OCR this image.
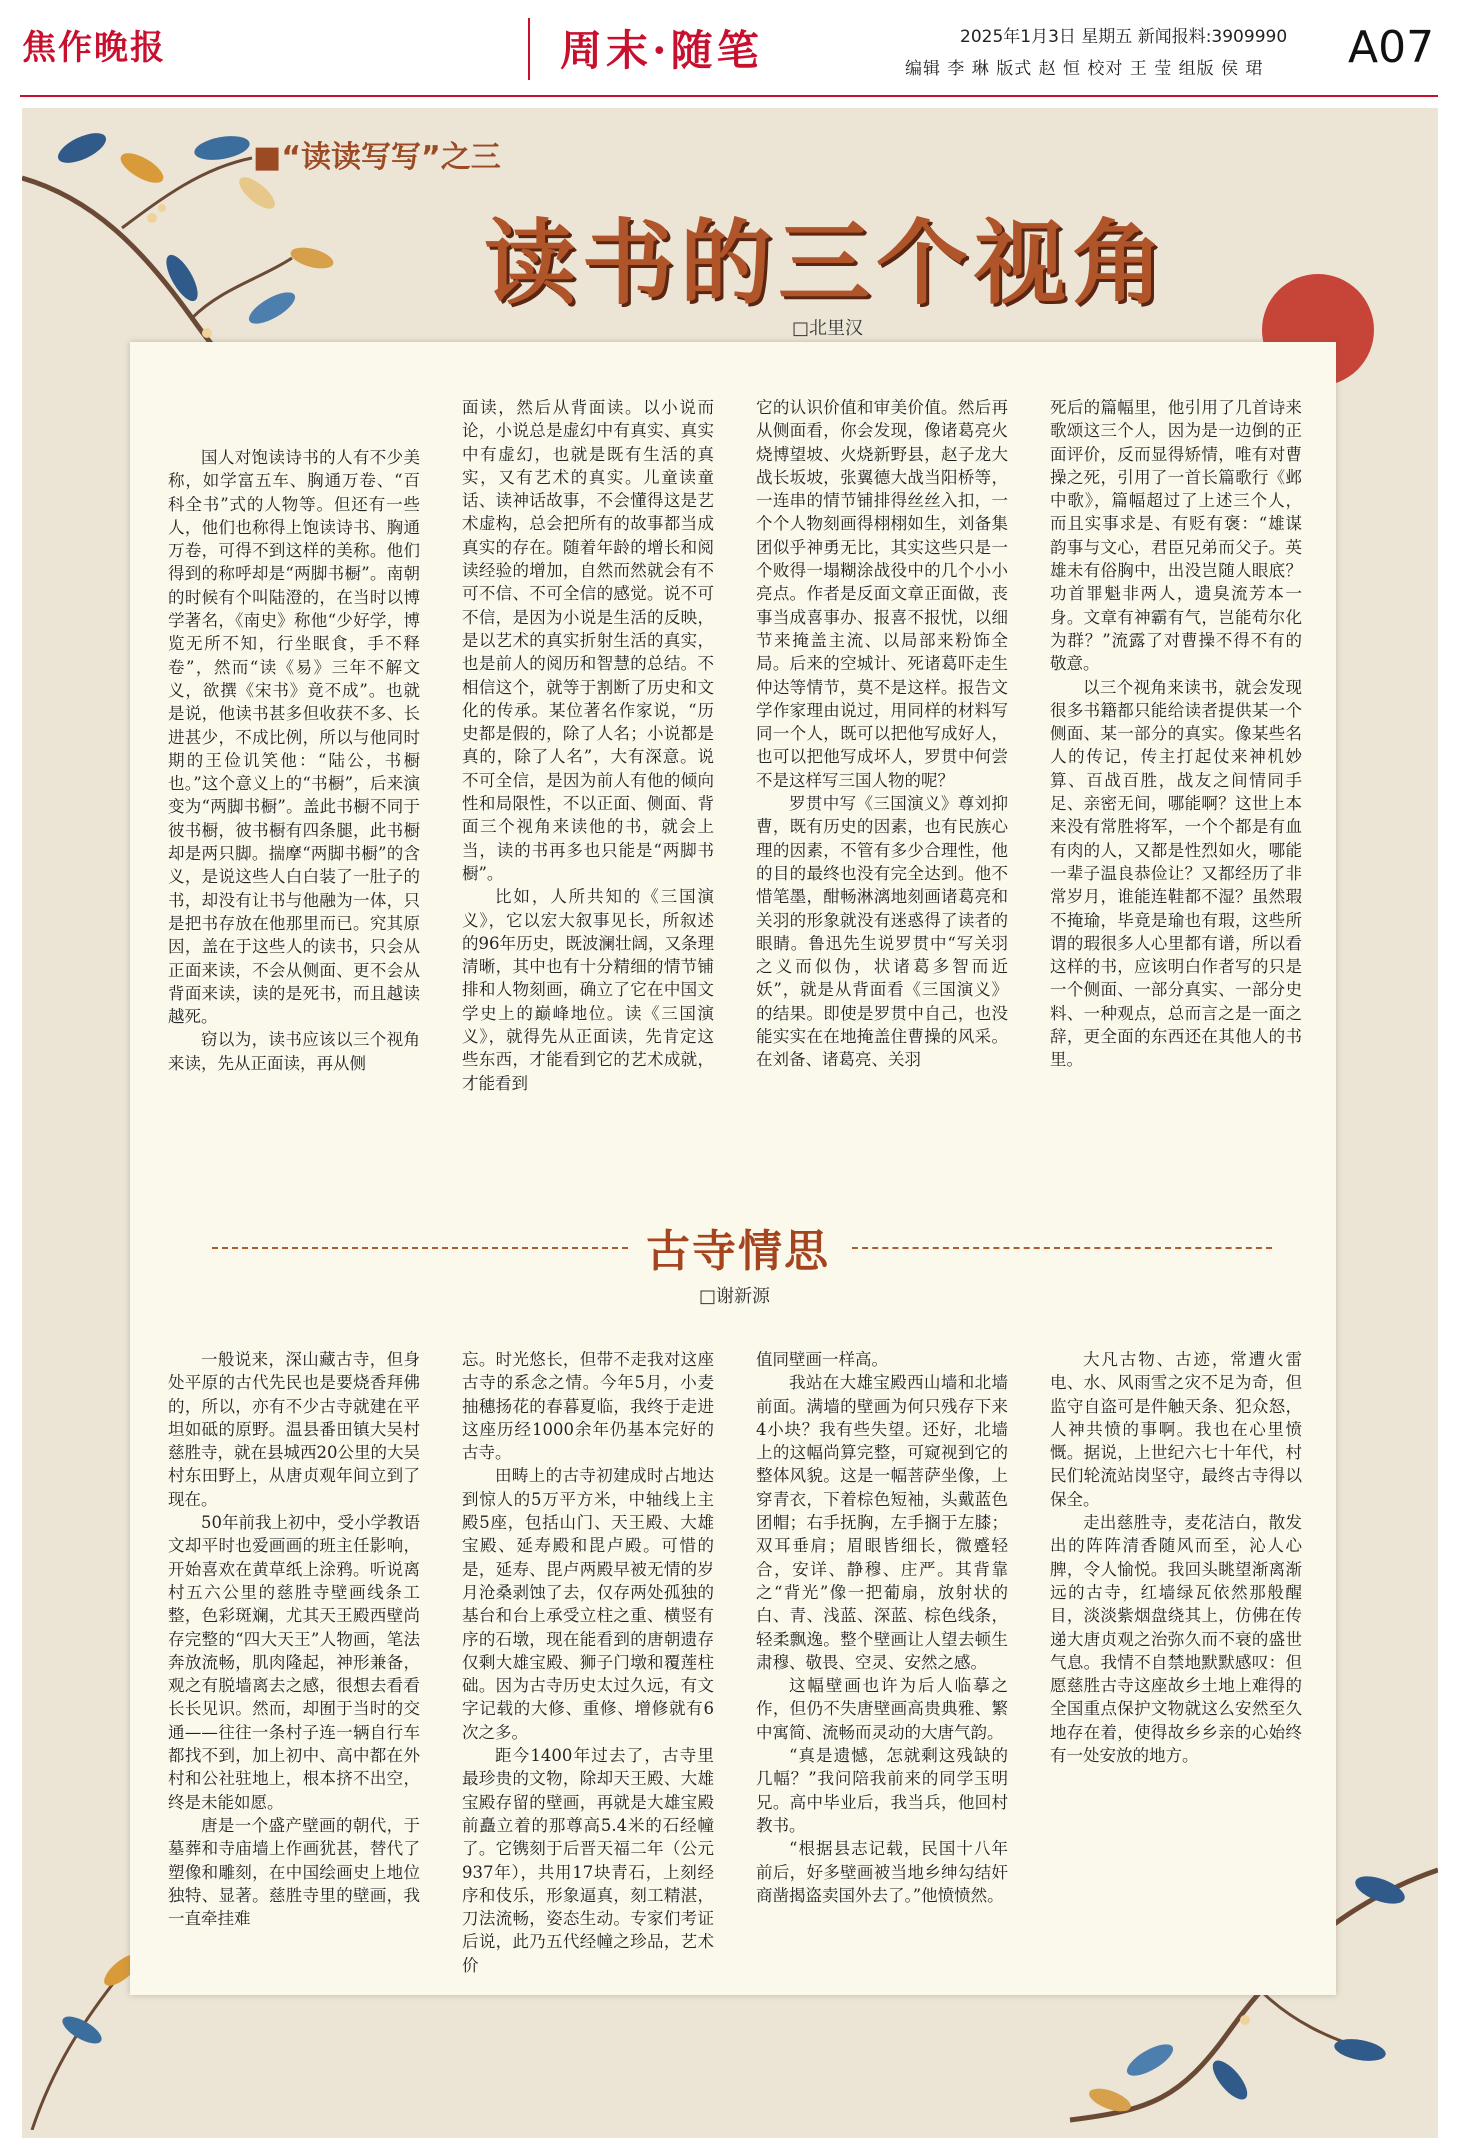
焦作晚报	周末·随笔	2025年1月3日 星期五 新闻报料:3909990
编辑 李 琳 版式 赵 恒 校对 王 莹 组版 侯 珺 A07
■“读读写写”之三
读书的三个视角
□北里汉

国人对饱读诗书的人有不少美称，如学富五车、胸通万卷、“百科全书”式的人物等。但还有一些人，他们也称得上饱读诗书、胸通万卷，可得不到这样的美称。他们得到的称呼却是“两脚书橱”。南朝的时候有个叫陆澄的，在当时以博学著名，《南史》称他“少好学，博览无所不知，行坐眠食，手不释卷”，然而“读《易》三年不解文义，欲撰《宋书》竟不成”。也就是说，他读书甚多但收获不多、长进甚少，不成比例，所以与他同时期的王俭讥笑他：“陆公，书橱也。”这个意义上的“书橱”，后来演变为“两脚书橱”。盖此书橱不同于彼书橱，彼书橱有四条腿，此书橱却是两只脚。揣摩“两脚书橱”的含义，是说这些人白白装了一肚子的书，却没有让书与他融为一体，只是把书存放在他那里而已。究其原因，盖在于这些人的读书，只会从正面来读，不会从侧面、更不会从背面来读，读的是死书，而且越读越死。

窃以为，读书应该以三个视角来读，先从正面读，再从侧

面读，然后从背面读。以小说而论，小说总是虚幻中有真实、真实中有虚幻，也就是既有生活的真实，又有艺术的真实。儿童读童话、读神话故事，不会懂得这是艺术虚构，总会把所有的故事都当成真实的存在。随着年龄的增长和阅读经验的增加，自然而然就会有不可不信、不可全信的感觉。说不可不信，是因为小说是生活的反映，是以艺术的真实折射生活的真实，也是前人的阅历和智慧的总结。不相信这个，就等于割断了历史和文化的传承。某位著名作家说，“历史都是假的，除了人名；小说都是真的，除了人名”，大有深意。说不可全信，是因为前人有他的倾向性和局限性，不以正面、侧面、背面三个视角来读他的书，就会上当，读的书再多也只能是“两脚书橱”。

比如，人所共知的《三国演义》，它以宏大叙事见长，所叙述的96年历史，既波澜壮阔，又条理清晰，其中也有十分精细的情节铺排和人物刻画，确立了它在中国文学史上的巅峰地位。读《三国演义》，就得先从正面读，先肯定这些东西，才能看到它的艺术成就，才能看到

它的认识价值和审美价值。然后再从侧面看，你会发现，像诸葛亮火烧博望坡、火烧新野县，赵子龙大战长坂坡，张翼德大战当阳桥等，一连串的情节铺排得丝丝入扣，一个个人物刻画得栩栩如生，刘备集团似乎神勇无比，其实这些只是一个败得一塌糊涂战役中的几个小小亮点。作者是反面文章正面做，丧事当成喜事办、报喜不报忧，以细节来掩盖主流、以局部来粉饰全局。后来的空城计、死诸葛吓走生仲达等情节，莫不是这样。报告文学作家理由说过，用同样的材料写同一个人，既可以把他写成好人，也可以把他写成坏人，罗贯中何尝不是这样写三国人物的呢？

罗贯中写《三国演义》尊刘抑曹，既有历史的因素，也有民族心理的因素，不管有多少合理性，他的目的最终也没有完全达到。他不惜笔墨，酣畅淋漓地刻画诸葛亮和关羽的形象就没有迷惑得了读者的眼睛。鲁迅先生说罗贯中“写关羽之义而似伪，状诸葛多智而近妖”，就是从背面看《三国演义》的结果。即使是罗贯中自己，也没能实实在在地掩盖住曹操的风采。在刘备、诸葛亮、关羽

死后的篇幅里，他引用了几首诗来歌颂这三个人，因为是一边倒的正面评价，反而显得矫情，唯有对曹操之死，引用了一首长篇歌行《邺中歌》，篇幅超过了上述三个人，而且实事求是、有贬有褒：“雄谋韵事与文心，君臣兄弟而父子。英雄未有俗胸中，出没岂随人眼底？功首罪魁非两人，遗臭流芳本一身。文章有神霸有气，岂能苟尔化为群？”流露了对曹操不得不有的敬意。

以三个视角来读书，就会发现很多书籍都只能给读者提供某一个侧面、某一部分的真实。像某些名人的传记，传主打起仗来神机妙算、百战百胜，战友之间情同手足、亲密无间，哪能啊？这世上本来没有常胜将军，一个个都是有血有肉的人，又都是性烈如火，哪能一辈子温良恭俭让？又都经历了非常岁月，谁能连鞋都不湿？虽然瑕不掩瑜，毕竟是瑜也有瑕，这些所谓的瑕很多人心里都有谱，所以看这样的书，应该明白作者写的只是一个侧面、一部分真实、一部分史料、一种观点，总而言之是一面之辞，更全面的东西还在其他人的书里。

古寺情思
□谢新源

一般说来，深山藏古寺，但身处平原的古代先民也是要烧香拜佛的，所以，亦有不少古寺就建在平坦如砥的原野。温县番田镇大吴村慈胜寺，就在县城西20公里的大吴村东田野上，从唐贞观年间立到了现在。

50年前我上初中，受小学教语文却平时也爱画画的班主任影响，开始喜欢在黄草纸上涂鸦。听说离村五六公里的慈胜寺壁画线条工整，色彩斑斓，尤其天王殿西壁尚存完整的“四大天王”人物画，笔法奔放流畅，肌肉隆起，神形兼备，观之有脱墙离去之感，很想去看看长长见识。然而，却囿于当时的交通——往往一条村子连一辆自行车都找不到，加上初中、高中都在外村和公社驻地上，根本挤不出空，终是未能如愿。

唐是一个盛产壁画的朝代，于墓葬和寺庙墙上作画犹甚，替代了塑像和雕刻，在中国绘画史上地位独特、显著。慈胜寺里的壁画，我一直牵挂难

忘。时光悠长，但带不走我对这座古寺的系念之情。今年5月，小麦抽穗扬花的春暮夏临，我终于走进这座历经1000余年仍基本完好的古寺。

田畴上的古寺初建成时占地达到惊人的5万平方米，中轴线上主殿5座，包括山门、天王殿、大雄宝殿、延寿殿和毘卢殿。可惜的是，延寿、毘卢两殿早被无情的岁月沧桑剥蚀了去，仅存两处孤独的基台和台上承受立柱之重、横竖有序的石墩，现在能看到的唐朝遗存仅剩大雄宝殿、狮子门墩和覆莲柱础。因为古寺历史太过久远，有文字记载的大修、重修、增修就有6次之多。

距今1400年过去了，古寺里最珍贵的文物，除却天王殿、大雄宝殿存留的壁画，再就是大雄宝殿前矗立着的那尊高5.4米的石经幢了。它镌刻于后晋天福二年（公元937年），共用17块青石，上刻经序和伎乐，形象逼真，刻工精湛，刀法流畅，姿态生动。专家们考证后说，此乃五代经幢之珍品，艺术价

值同壁画一样高。

我站在大雄宝殿西山墙和北墙前面。满墙的壁画为何只残存下来4小块？我有些失望。还好，北墙上的这幅尚算完整，可窥视到它的整体风貌。这是一幅菩萨坐像，上穿青衣，下着棕色短袖，头戴蓝色团帽；右手抚胸，左手搁于左膝；双耳垂肩；眉眼皆细长，微蹙轻合，安详、静穆、庄严。其背靠之“背光”像一把葡扇，放射状的白、青、浅蓝、深蓝、棕色线条，轻柔飘逸。整个壁画让人望去顿生肃穆、敬畏、空灵、安然之感。

这幅壁画也许为后人临摹之作，但仍不失唐壁画高贵典雅、繁中寓简、流畅而灵动的大唐气韵。

“真是遗憾，怎就剩这残缺的几幅？”我问陪我前来的同学玉明兄。高中毕业后，我当兵，他回村教书。

“根据县志记载，民国十八年前后，好多壁画被当地乡绅勾结奸商凿揭盗卖国外去了。”他愤愤然。

大凡古物、古迹，常遭火雷电、水、风雨雪之灾不足为奇，但监守自盗可是件触天条、犯众怒，人神共愤的事啊。我也在心里愤慨。据说，上世纪六七十年代，村民们轮流站岗坚守，最终古寺得以保全。

走出慈胜寺，麦花洁白，散发出的阵阵清香随风而至，沁人心脾，令人愉悦。我回头眺望渐离渐远的古寺，红墙绿瓦依然那般醒目，淡淡紫烟盘绕其上，仿佛在传递大唐贞观之治弥久而不衰的盛世气息。我情不自禁地默默感叹：但愿慈胜古寺这座故乡土地上难得的全国重点保护文物就这么安然至久地存在着，使得故乡乡亲的心始终有一处安放的地方。
